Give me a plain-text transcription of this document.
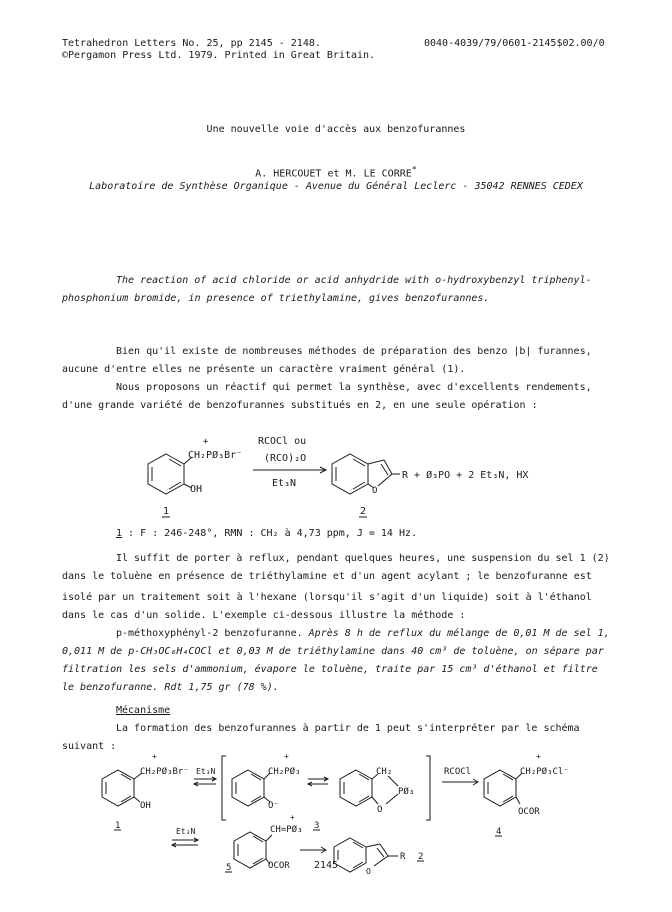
Tetrahedron Letters No. 25, pp 2145 - 2148.
©Pergamon Press Ltd. 1979. Printed in Great Britain.
0040-4039/79/0601-2145$02.00/0
Une nouvelle voie d'accès aux benzofurannes
A. HERCOUET et M. LE CORRE*
Laboratoire de Synthèse Organique - Avenue du Général Leclerc - 35042 RENNES CEDEX
The reaction of acid chloride or acid anhydride with o-hydroxybenzyl triphenyl-
phosphonium bromide, in presence of triethylamine, gives benzofurannes.
Bien qu'il existe de nombreuses méthodes de préparation des benzo |b| furannes,
aucune d'entre elles ne présente un caractère vraiment général (1).
Nous proposons un réactif qui permet la synthèse, avec d'excellents rendements,
d'une grande variété de benzofurannes substitués en 2, en une seule opération :
+
CH₂PØ₃Br⁻
OH
RCOCl ou
(RCO)₂O
Et₃N
O
R + Ø₃PO + 2 Et₃N, HX
1	2
1 : F : 246-248°, RMN : CH₂ à 4,73 ppm, J = 14 Hz.
Il suffit de porter à reflux, pendant quelques heures, une suspension du sel 1 (2)
dans le toluène en présence de triéthylamine et d'un agent acylant ; le benzofuranne est
isolé par un traitement soit à l'hexane (lorsqu'il s'agit d'un liquide) soit à l'éthanol
dans le cas d'un solide. L'exemple ci-dessous illustre la méthode :
p-méthoxyphényl-2 benzofuranne. Après 8 h de reflux du mélange de 0,01 M de sel 1,
0,011 M de p-CH₃OC₆H₄COCl et 0,03 M de triéthylamine dans 40 cm³ de toluène, on sépare par
filtration les sels d'ammonium, évapore le toluène, traite par 15 cm³ d'éthanol et filtre
le benzofuranne. Rdt 1,75 gr (78 %).
Mécanisme
La formation des benzofurannes à partir de 1 peut s'interpréter par le schéma
suivant :
+
CH₂PØ₃Br⁻
OH
1
Et₃N
+
CH₂PØ₃
O⁻
3
CH₂
PØ₃
O
RCOCl
+
CH₂PØ₃Cl⁻
OCOR
4
Et₃N
+
CH=PØ₃
OCOR
5	O
R 2
2145
